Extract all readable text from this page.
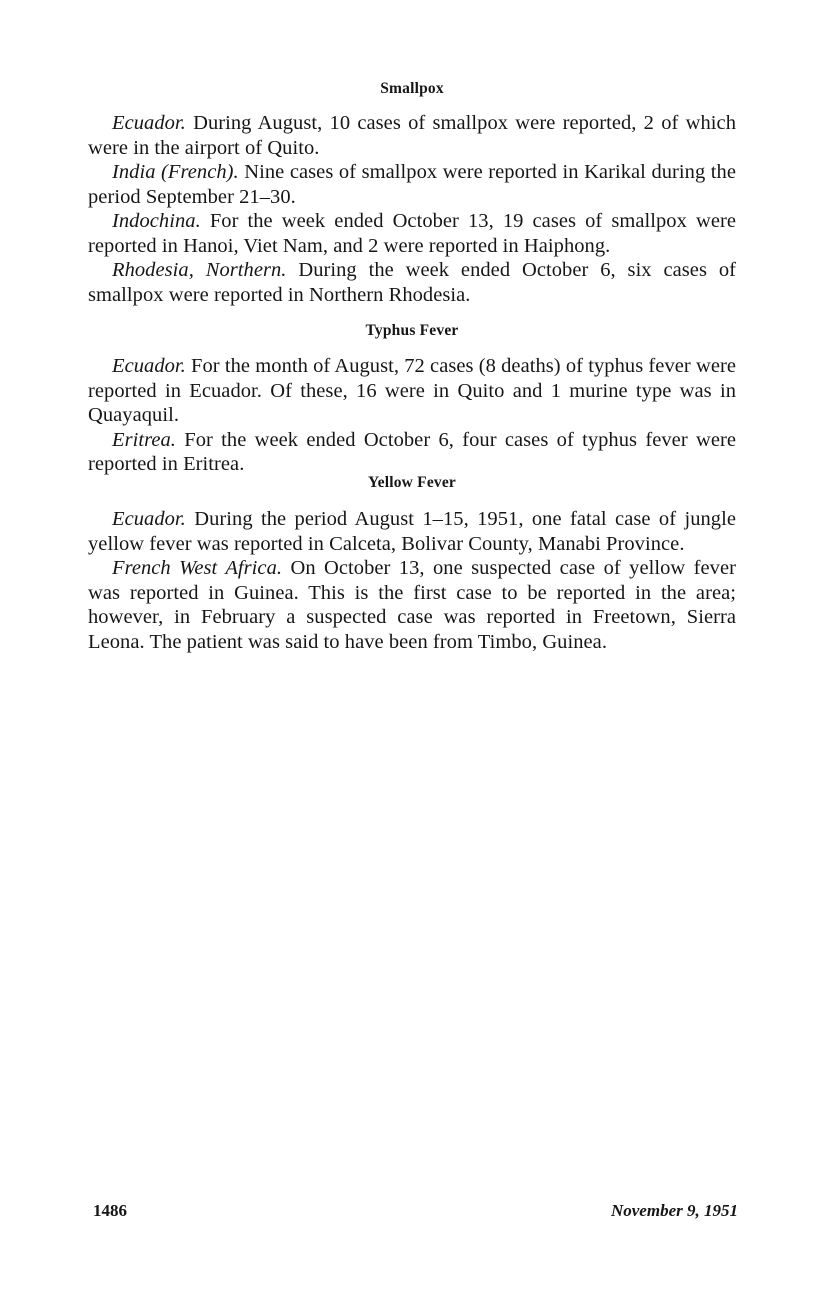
Smallpox

Ecuador. During August, 10 cases of smallpox were reported, 2 of which were in the airport of Quito.

India (French). Nine cases of smallpox were reported in Karikal during the period September 21–30.

Indochina. For the week ended October 13, 19 cases of smallpox were reported in Hanoi, Viet Nam, and 2 were reported in Haiphong.

Rhodesia, Northern. During the week ended October 6, six cases of smallpox were reported in Northern Rhodesia.

Typhus Fever

Ecuador. For the month of August, 72 cases (8 deaths) of typhus fever were reported in Ecuador. Of these, 16 were in Quito and 1 murine type was in Quayaquil.

Eritrea. For the week ended October 6, four cases of typhus fever were reported in Eritrea.

Yellow Fever

Ecuador. During the period August 1–15, 1951, one fatal case of jungle yellow fever was reported in Calceta, Bolivar County, Manabi Province.

French West Africa. On October 13, one suspected case of yellow fever was reported in Guinea. This is the first case to be reported in the area; however, in February a suspected case was reported in Freetown, Sierra Leona. The patient was said to have been from Timbo, Guinea.

1486	November 9, 1951
